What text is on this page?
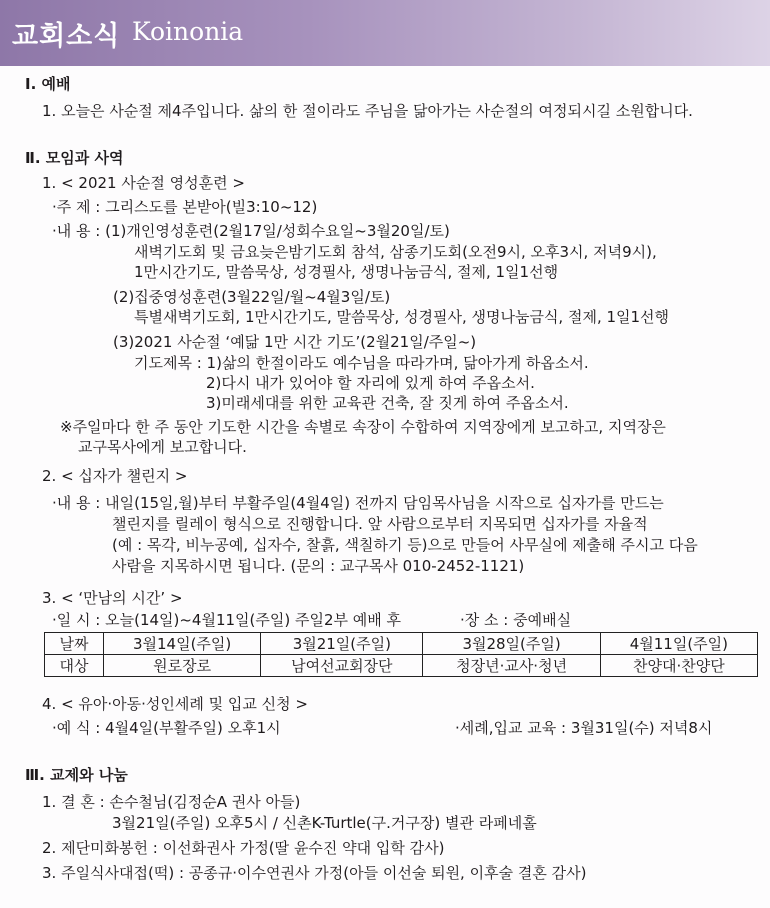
교회소식 Koinonia
Ⅰ. 예배
1. 오늘은 사순절 제4주입니다. 삶의 한 절이라도 주님을 닮아가는 사순절의 여정되시길 소원합니다.
Ⅱ. 모임과 사역
1. < 2021 사순절 영성훈련 >
·주 제 : 그리스도를 본받아(빌3:10~12)
·내 용 : (1)개인영성훈련(2월17일/성회수요일~3월20일/토)
새벽기도회 및 금요늦은밤기도회 참석, 삼종기도회(오전9시, 오후3시, 저녁9시),
1만시간기도, 말씀묵상, 성경필사, 생명나눔금식, 절제, 1일1선행
(2)집중영성훈련(3월22일/월~4월3일/토)
특별새벽기도회, 1만시간기도, 말씀묵상, 성경필사, 생명나눔금식, 절제, 1일1선행
(3)2021 사순절 ‘예닮 1만 시간 기도’(2월21일/주일~)
기도제목 : 1)삶의 한절이라도 예수님을 따라가며, 닮아가게 하옵소서.
2)다시 내가 있어야 할 자리에 있게 하여 주옵소서.
3)미래세대를 위한 교육관 건축, 잘 짓게 하여 주옵소서.
※주일마다 한 주 동안 기도한 시간을 속별로 속장이 수합하여 지역장에게 보고하고, 지역장은
교구목사에게 보고합니다.
2. < 십자가 챌린지 >
·내 용 : 내일(15일,월)부터 부활주일(4월4일) 전까지 담임목사님을 시작으로 십자가를 만드는
챌린지를 릴레이 형식으로 진행합니다. 앞 사람으로부터 지목되면 십자가를 자율적
(예 : 목각, 비누공예, 십자수, 찰흙, 색칠하기 등)으로 만들어 사무실에 제출해 주시고 다음
사람을 지목하시면 됩니다. (문의 : 교구목사 010-2452-1121)
3. < ‘만남의 시간’ >
·일 시 : 오늘(14일)~4월11일(주일) 주일2부 예배 후	·장 소 : 중예배실
날짜	3월14일(주일)	3월21일(주일)	3월28일(주일)	4월11일(주일)
대상	원로장로	남여선교회장단	청장년·교사·청년	찬양대·찬양단
4. < 유아·아동·성인세례 및 입교 신청 >
·예 식 : 4월4일(부활주일) 오후1시	·세례,입교 교육 : 3월31일(수) 저녁8시
Ⅲ. 교제와 나눔
1. 결 혼 : 손수철님(김정순A 권사 아들)
3월21일(주일) 오후5시 / 신촌K-Turtle(구.거구장) 별관 라페네홀
2. 제단미화봉헌 : 이선화권사 가정(딸 윤수진 약대 입학 감사)
3. 주일식사대접(떡) : 공종규·이수연권사 가정(아들 이선술 퇴원, 이후술 결혼 감사)
